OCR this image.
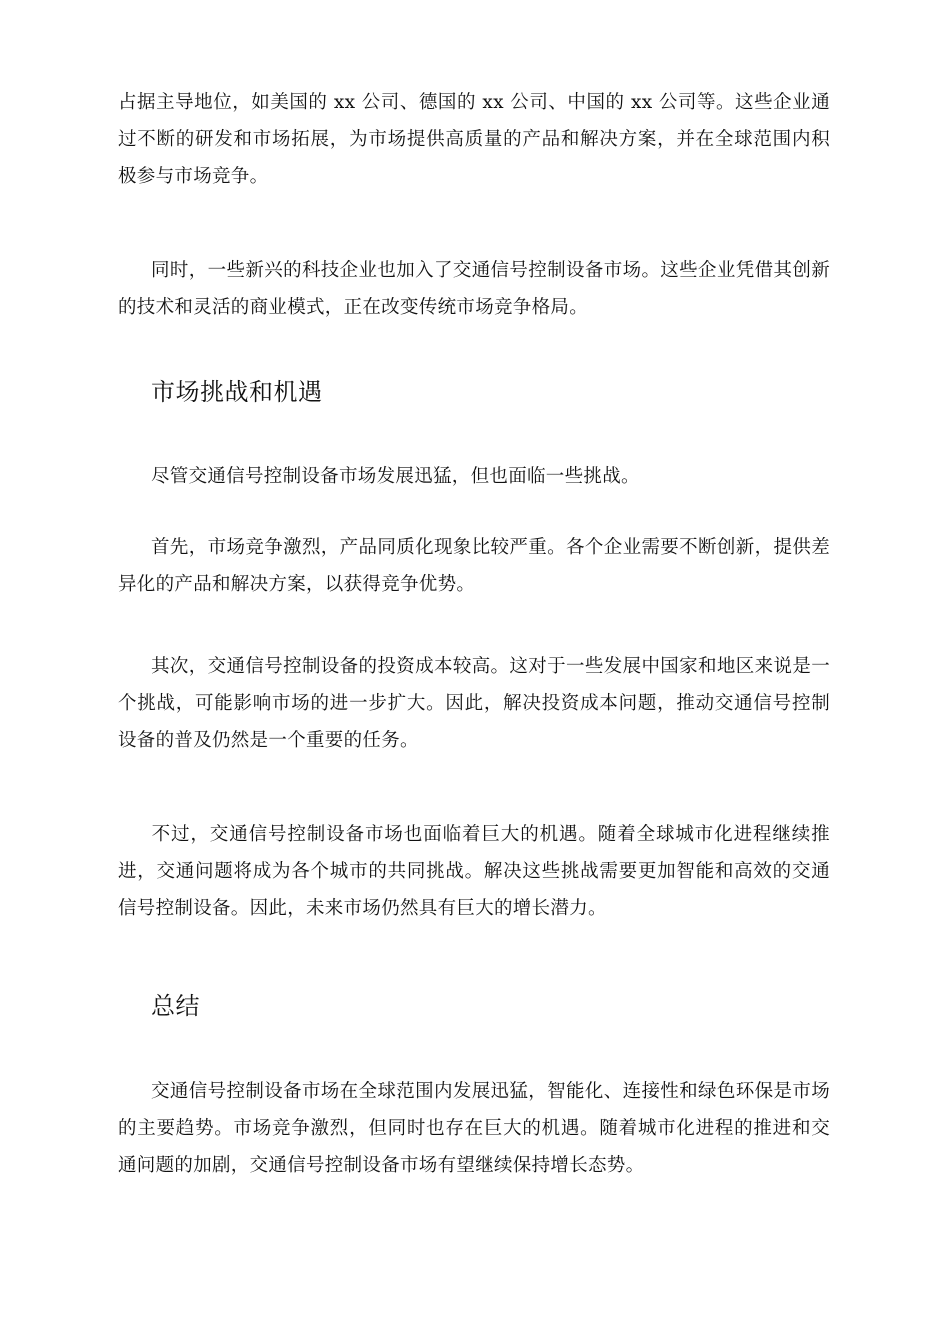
占据主导地位，如美国的 xx 公司、德国的 xx 公司、中国的 xx 公司等。这些企业通过不断的研发和市场拓展，为市场提供高质量的产品和解决方案，并在全球范围内积极参与市场竞争。

同时，一些新兴的科技企业也加入了交通信号控制设备市场。这些企业凭借其创新的技术和灵活的商业模式，正在改变传统市场竞争格局。

市场挑战和机遇

尽管交通信号控制设备市场发展迅猛，但也面临一些挑战。

首先，市场竞争激烈，产品同质化现象比较严重。各个企业需要不断创新，提供差异化的产品和解决方案，以获得竞争优势。

其次，交通信号控制设备的投资成本较高。这对于一些发展中国家和地区来说是一个挑战，可能影响市场的进一步扩大。因此，解决投资成本问题，推动交通信号控制设备的普及仍然是一个重要的任务。

不过，交通信号控制设备市场也面临着巨大的机遇。随着全球城市化进程继续推进，交通问题将成为各个城市的共同挑战。解决这些挑战需要更加智能和高效的交通信号控制设备。因此，未来市场仍然具有巨大的增长潜力。

总结

交通信号控制设备市场在全球范围内发展迅猛，智能化、连接性和绿色环保是市场的主要趋势。市场竞争激烈，但同时也存在巨大的机遇。随着城市化进程的推进和交通问题的加剧，交通信号控制设备市场有望继续保持增长态势。
